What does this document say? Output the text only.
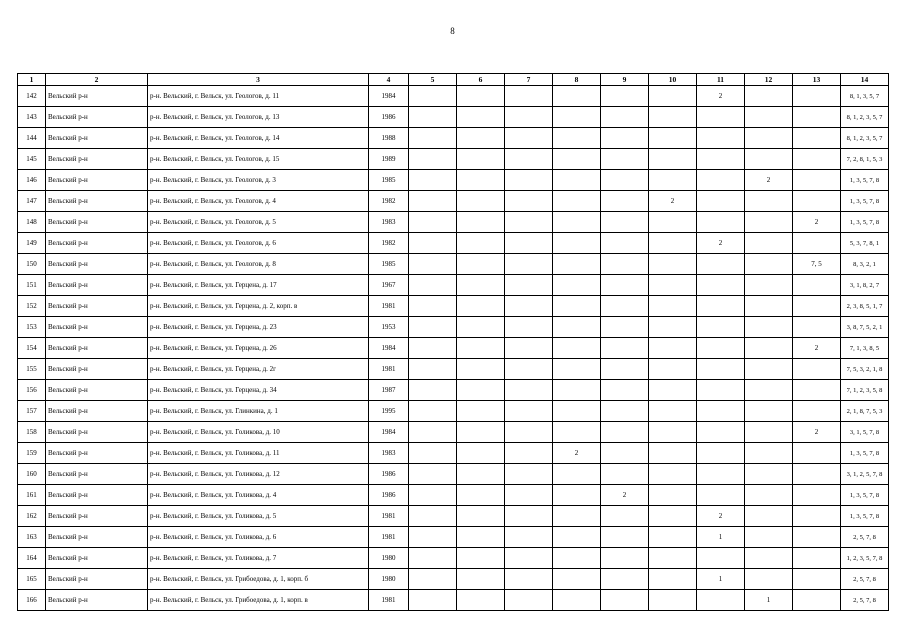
8
1	2	3	4	5	6	7	8	9	10	11	12	13	14
142	Вельский р-н	р-н. Вельский, г. Вельск, ул. Геологов, д. 11	1984							2			8, 1, 3, 5, 7
143	Вельский р-н	р-н. Вельский, г. Вельск, ул. Геологов, д. 13	1986										8, 1, 2, 3, 5, 7
144	Вельский р-н	р-н. Вельский, г. Вельск, ул. Геологов, д. 14	1988										8, 1, 2, 3, 5, 7
145	Вельский р-н	р-н. Вельский, г. Вельск, ул. Геологов, д. 15	1989										7, 2, 8, 1, 5, 3
146	Вельский р-н	р-н. Вельский, г. Вельск, ул. Геологов, д. 3	1985								2		1, 3, 5, 7, 8
147	Вельский р-н	р-н. Вельский, г. Вельск, ул. Геологов, д. 4	1982						2				1, 3, 5, 7, 8
148	Вельский р-н	р-н. Вельский, г. Вельск, ул. Геологов, д. 5	1983									2	1, 3, 5, 7, 8
149	Вельский р-н	р-н. Вельский, г. Вельск, ул. Геологов, д. 6	1982							2			5, 3, 7, 8, 1
150	Вельский р-н	р-н. Вельский, г. Вельск, ул. Геологов, д. 8	1985									7, 5	8, 3, 2, 1
151	Вельский р-н	р-н. Вельский, г. Вельск, ул. Герцена, д. 17	1967										3, 1, 8, 2, 7
152	Вельский р-н	р-н. Вельский, г. Вельск, ул. Герцена, д. 2, корп. в	1981										2, 3, 8, 5, 1, 7
153	Вельский р-н	р-н. Вельский, г. Вельск, ул. Герцена, д. 23	1953										3, 8, 7, 5, 2, 1
154	Вельский р-н	р-н. Вельский, г. Вельск, ул. Герцена, д. 26	1984									2	7, 1, 3, 8, 5
155	Вельский р-н	р-н. Вельский, г. Вельск, ул. Герцена, д. 2г	1981										7, 5, 3, 2, 1, 8
156	Вельский р-н	р-н. Вельский, г. Вельск, ул. Герцена, д. 34	1987										7, 1, 2, 3, 5, 8
157	Вельский р-н	р-н. Вельский, г. Вельск, ул. Глинкина, д. 1	1995										2, 1, 8, 7, 5, 3
158	Вельский р-н	р-н. Вельский, г. Вельск, ул. Голикова, д. 10	1984									2	3, 1, 5, 7, 8
159	Вельский р-н	р-н. Вельский, г. Вельск, ул. Голикова, д. 11	1983				2						1, 3, 5, 7, 8
160	Вельский р-н	р-н. Вельский, г. Вельск, ул. Голикова, д. 12	1986										3, 1, 2, 5, 7, 8
161	Вельский р-н	р-н. Вельский, г. Вельск, ул. Голикова, д. 4	1986					2					1, 3, 5, 7, 8
162	Вельский р-н	р-н. Вельский, г. Вельск, ул. Голикова, д. 5	1981							2			1, 3, 5, 7, 8
163	Вельский р-н	р-н. Вельский, г. Вельск, ул. Голикова, д. 6	1981							1			2, 5, 7, 8
164	Вельский р-н	р-н. Вельский, г. Вельск, ул. Голикова, д. 7	1980										1, 2, 3, 5, 7, 8
165	Вельский р-н	р-н. Вельский, г. Вельск, ул. Грибоедова, д. 1, корп. б	1980							1			2, 5, 7, 8
166	Вельский р-н	р-н. Вельский, г. Вельск, ул. Грибоедова, д. 1, корп. в	1981								1		2, 5, 7, 8
